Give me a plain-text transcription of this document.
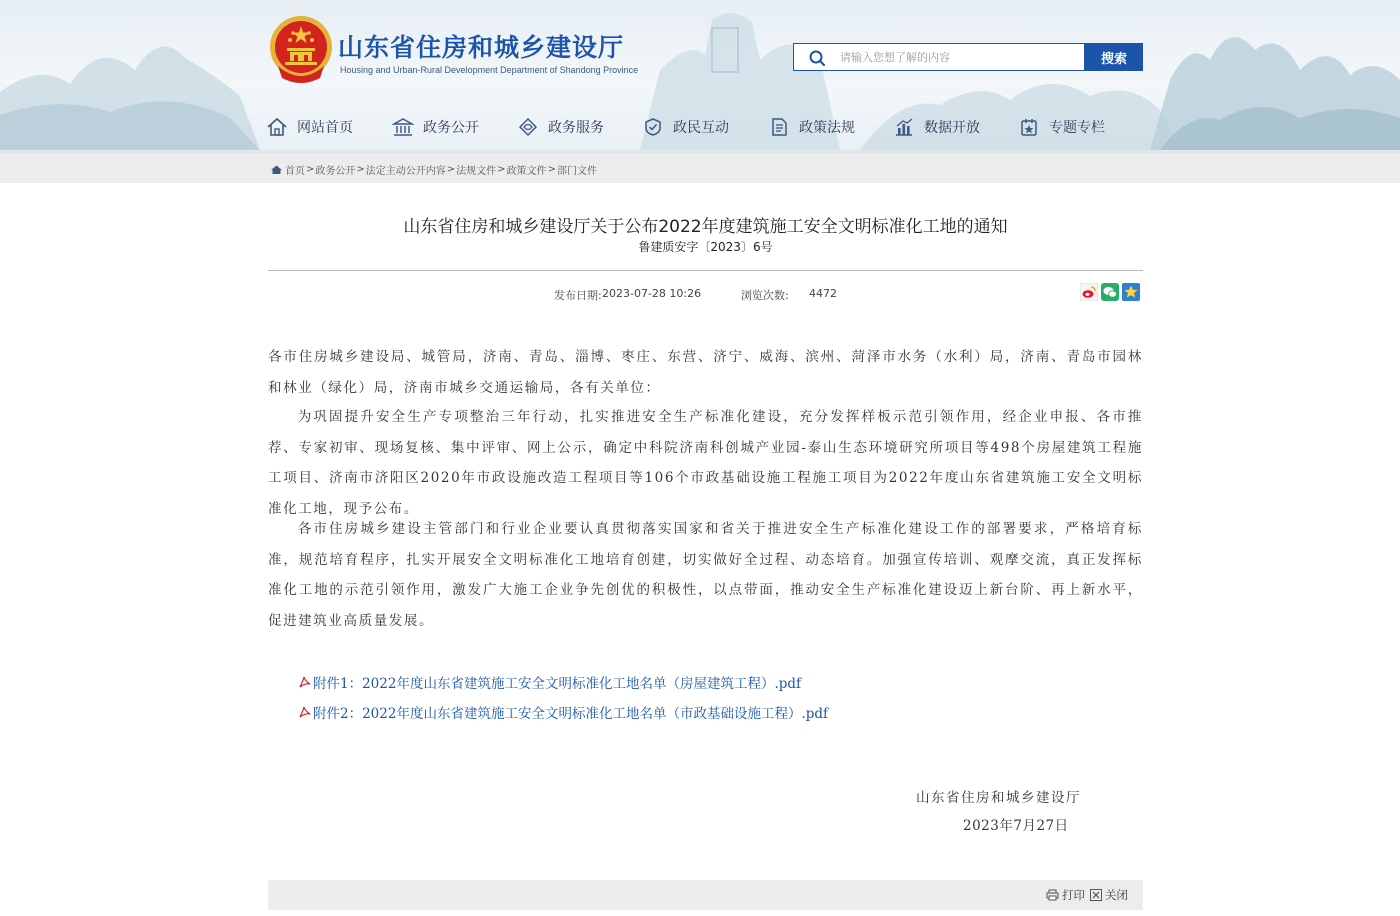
山东省住房和城乡建设厅
Housing and Urban-Rural Development Department of Shandong Province
请输入您想了解的内容
搜索
网站首页	政务公开	政务服务	政民互动	政策法规	数据开放	专题专栏
首页 > 政务公开 > 法定主动公开内容 > 法规文件 > 政策文件 > 部门文件
山东省住房和城乡建设厅关于公布2022年度建筑施工安全文明标准化工地的通知
鲁建质安字〔2023〕6号
发布日期: 2023-07-28 10:26	浏览次数: 4472

各市住房城乡建设局、城管局，济南、青岛、淄博、枣庄、东营、济宁、威海、滨州、菏泽市水务（水利）局，济南、青岛市园林和林业（绿化）局，济南市城乡交通运输局，各有关单位：

为巩固提升安全生产专项整治三年行动，扎实推进安全生产标准化建设，充分发挥样板示范引领作用，经企业申报、各市推荐、专家初审、现场复核、集中评审、网上公示，确定中科院济南科创城产业园-泰山生态环境研究所项目等498个房屋建筑工程施工项目、济南市济阳区2020年市政设施改造工程项目等106个市政基础设施工程施工项目为2022年度山东省建筑施工安全文明标准化工地，现予公布。

各市住房城乡建设主管部门和行业企业要认真贯彻落实国家和省关于推进安全生产标准化建设工作的部署要求，严格培育标准，规范培育程序，扎实开展安全文明标准化工地培育创建，切实做好全过程、动态培育。加强宣传培训、观摩交流，真正发挥标准化工地的示范引领作用，激发广大施工企业争先创优的积极性，以点带面，推动安全生产标准化建设迈上新台阶、再上新水平，促进建筑业高质量发展。

附件1：2022年度山东省建筑施工安全文明标准化工地名单（房屋建筑工程）.pdf
附件2：2022年度山东省建筑施工安全文明标准化工地名单（市政基础设施工程）.pdf
山东省住房和城乡建设厅
2023年7月27日
打印 关闭
